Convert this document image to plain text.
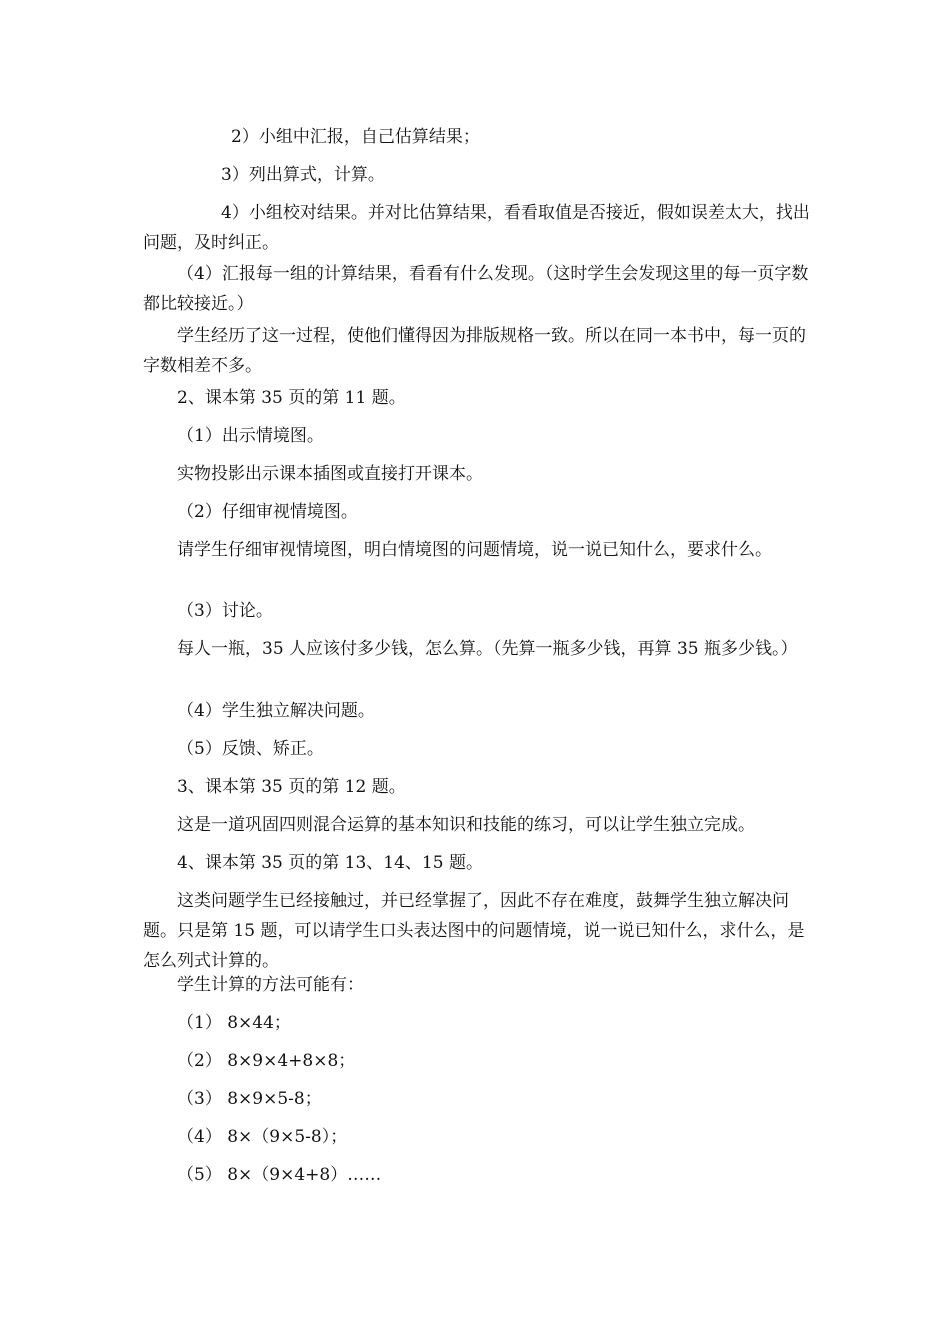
2）小组中汇报，自己估算结果；

3）列出算式，计算。

4）小组校对结果。并对比估算结果，看看取值是否接近，假如误差太大，找出问题，及时纠正。

（4）汇报每一组的计算结果，看看有什么发现。（这时学生会发现这里的每一页字数都比较接近。）

学生经历了这一过程，使他们懂得因为排版规格一致。所以在同一本书中，每一页的字数相差不多。

2、课本第 35 页的第 11 题。

（1）出示情境图。

实物投影出示课本插图或直接打开课本。

（2）仔细审视情境图。

请学生仔细审视情境图，明白情境图的问题情境，说一说已知什么，要求什么。

（3）讨论。

每人一瓶，35 人应该付多少钱，怎么算。（先算一瓶多少钱，再算 35 瓶多少钱。）

（4）学生独立解决问题。

（5）反馈、矫正。

3、课本第 35 页的第 12 题。

这是一道巩固四则混合运算的基本知识和技能的练习，可以让学生独立完成。

4、课本第 35 页的第 13、14、15 题。

这类问题学生已经接触过，并已经掌握了，因此不存在难度，鼓舞学生独立解决问题。只是第 15 题，可以请学生口头表达图中的问题情境，说一说已知什么，求什么，是怎么列式计算的。

学生计算的方法可能有：

（1） 8×44；

（2） 8×9×4+8×8；

（3） 8×9×5-8；

（4） 8×（9×5-8）；

（5） 8×（9×4+8）……
